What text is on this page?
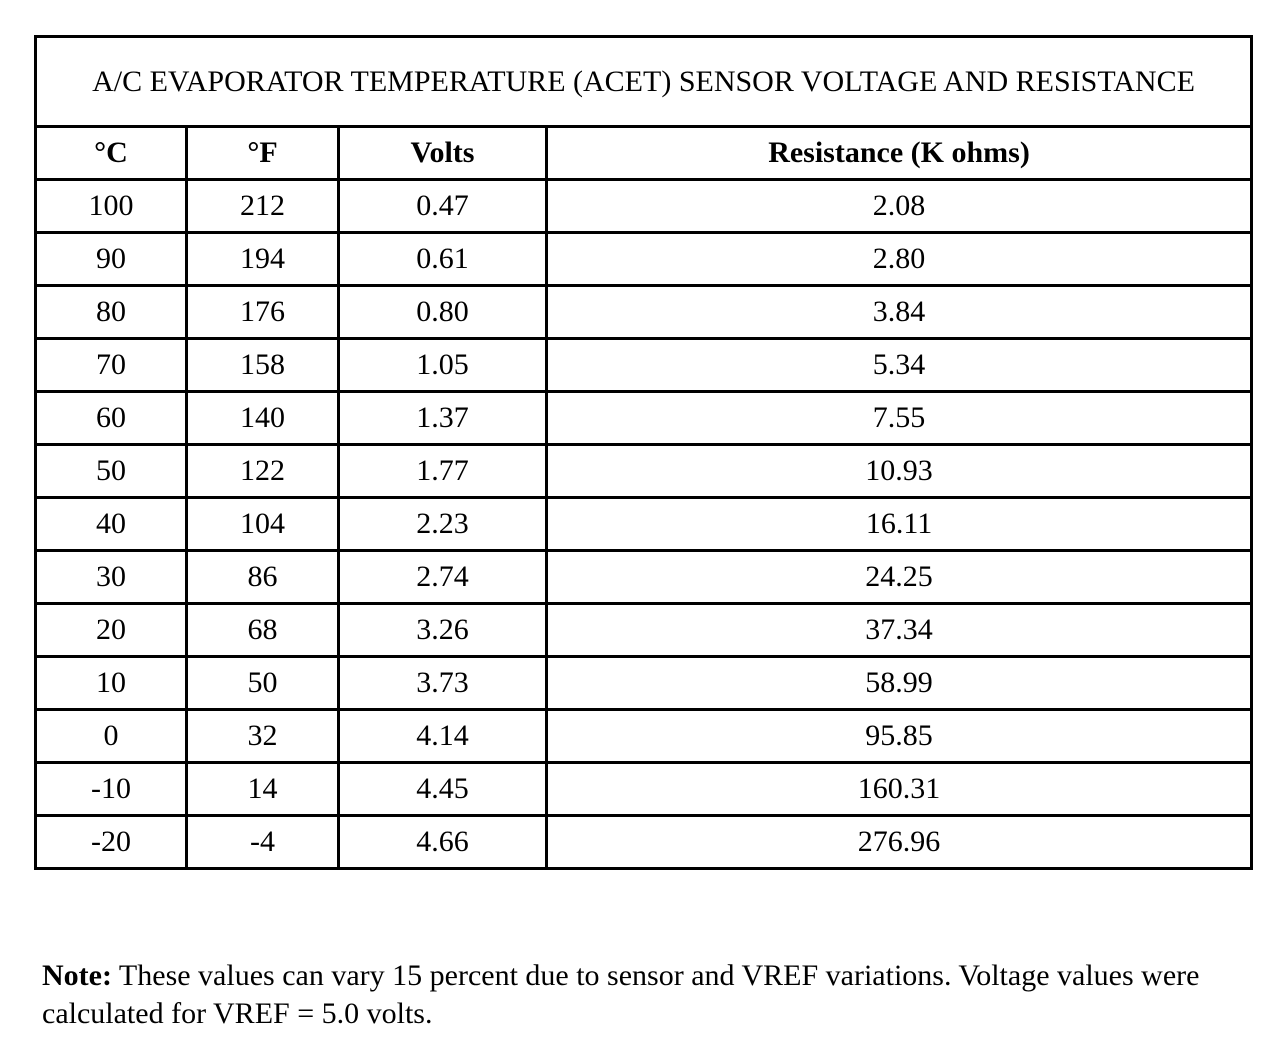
A/C EVAPORATOR TEMPERATURE (ACET) SENSOR VOLTAGE AND RESISTANCE			
°C	°F	Volts	Resistance (K ohms)
100	212	0.47	2.08
90	194	0.61	2.80
80	176	0.80	3.84
70	158	1.05	5.34
60	140	1.37	7.55
50	122	1.77	10.93
40	104	2.23	16.11
30	86	2.74	24.25
20	68	3.26	37.34
10	50	3.73	58.99
0	32	4.14	95.85
-10	14	4.45	160.31
-20	-4	4.66	276.96
Note: These values can vary 15 percent due to sensor and VREF variations. Voltage values were calculated for VREF = 5.0 volts.
